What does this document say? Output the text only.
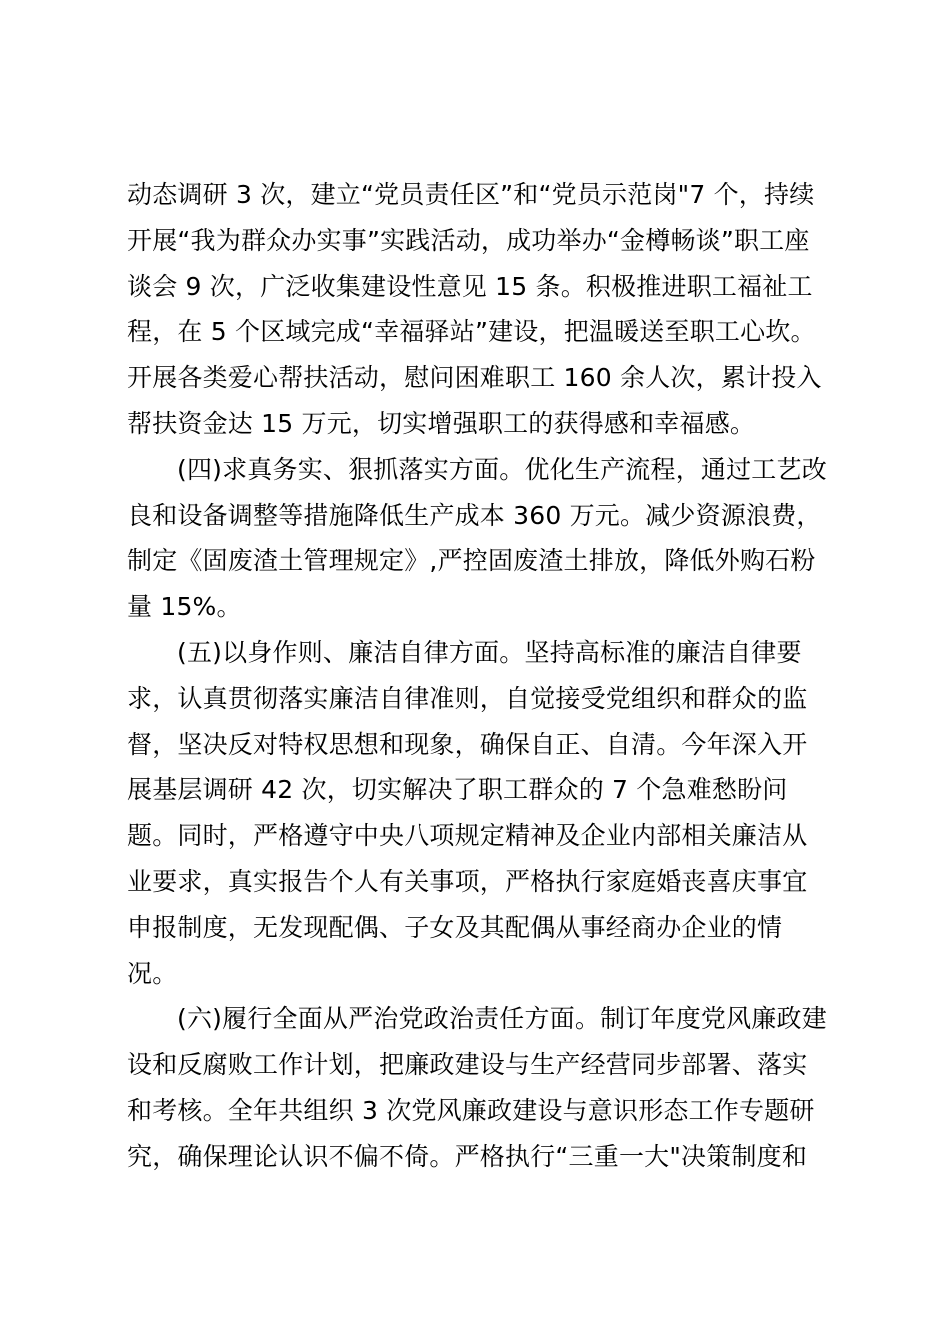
动态调研 3 次，建立“党员责任区”和“党员示范岗"7 个，持续
开展“我为群众办实事”实践活动，成功举办“金樽畅谈”职工座
谈会 9 次，广泛收集建设性意见 15 条。积极推进职工福祉工
程，在 5 个区域完成“幸福驿站”建设，把温暖送至职工心坎。
开展各类爱心帮扶活动，慰问困难职工 160 余人次，累计投入
帮扶资金达 15 万元，切实增强职工的获得感和幸福感。

(四)求真务实、狠抓落实方面。优化生产流程，通过工艺改
良和设备调整等措施降低生产成本 360 万元。减少资源浪费，
制定《固废渣土管理规定》,严控固废渣土排放，降低外购石粉
量 15%。

(五)以身作则、廉洁自律方面。坚持高标准的廉洁自律要
求，认真贯彻落实廉洁自律准则，自觉接受党组织和群众的监
督，坚决反对特权思想和现象，确保自正、自清。今年深入开
展基层调研 42 次，切实解决了职工群众的 7 个急难愁盼问
题。同时，严格遵守中央八项规定精神及企业内部相关廉洁从
业要求，真实报告个人有关事项，严格执行家庭婚丧喜庆事宜
申报制度，无发现配偶、子女及其配偶从事经商办企业的情
况。

(六)履行全面从严治党政治责任方面。制订年度党风廉政建
设和反腐败工作计划，把廉政建设与生产经营同步部署、落实
和考核。全年共组织 3 次党风廉政建设与意识形态工作专题研
究，确保理论认识不偏不倚。严格执行“三重一大"决策制度和
